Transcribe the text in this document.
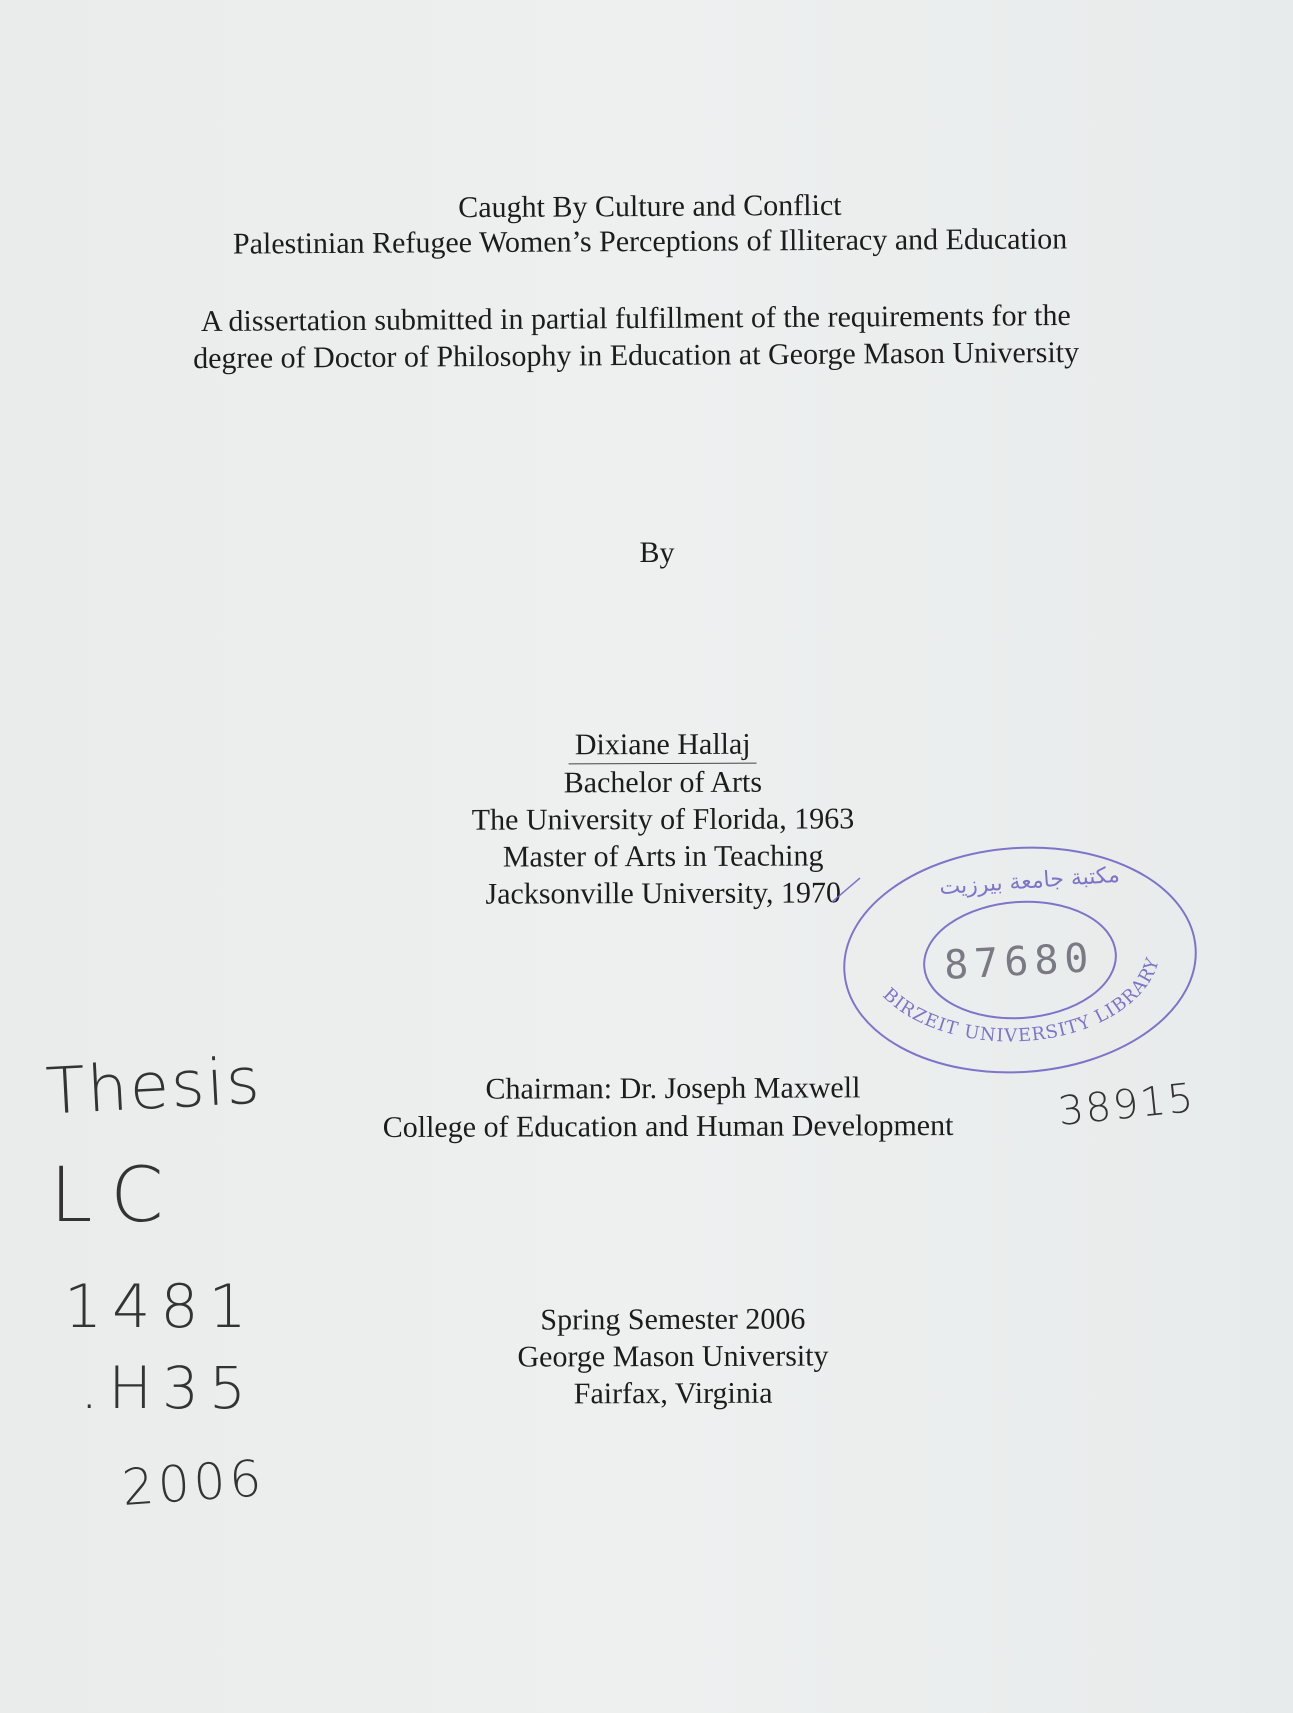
Caught By Culture and Conflict
Palestinian Refugee Women’s Perceptions of Illiteracy and Education
A dissertation submitted in partial fulfillment of the requirements for the
degree of Doctor of Philosophy in Education at George Mason University
By
Dixiane Hallaj
Bachelor of Arts
The University of Florida, 1963
Master of Arts in Teaching
Jacksonville University, 1970
Chairman: Dr. Joseph Maxwell
College of Education and Human Development
Spring Semester 2006
George Mason University
Fairfax, Virginia
مكتبة جامعة بيرزيت
87680
BIRZEIT UNIVERSITY LIBRARY
Thesis
LC
1481
.H35
2006
38915
